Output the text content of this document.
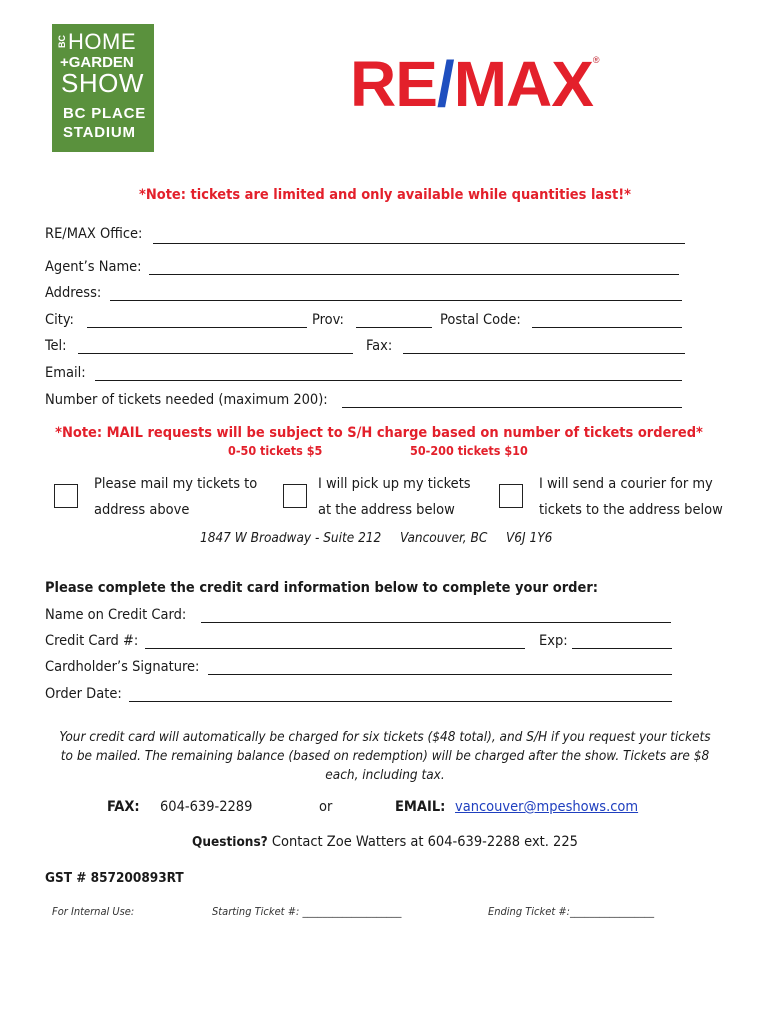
BC HOME
+GARDEN
SHOW
BC PLACE
STADIUM
RE/MAX®
*Note: tickets are limited and only available while quantities last!*
RE/MAX Office:
Agent’s Name:
Address:
City:	Prov:	Postal Code:
Tel:	Fax:
Email:
Number of tickets needed (maximum 200):
*Note: MAIL requests will be subject to S/H charge based on number of tickets ordered*
0-50 tickets $5	50-200 tickets $10
Please mail my tickets to
address above
I will pick up my tickets
at the address below
I will send a courier for my
tickets to the address below
1847 W Broadway - Suite 212 Vancouver, BC V6J 1Y6
Please complete the credit card information below to complete your order:
Name on Credit Card:
Credit Card #:	Exp:
Cardholder’s Signature:
Order Date:
Your credit card will automatically be charged for six tickets ($48 total), and S/H if you request your tickets
to be mailed. The remaining balance (based on redemption) will be charged after the show. Tickets are $8
each, including tax.
FAX: 604-639-2289	or	EMAIL: vancouver@mpeshows.com
Questions? Contact Zoe Watters at 604-639-2288 ext. 225
GST # 857200893RT
For Internal Use:	Starting Ticket #: ____________________	Ending Ticket #:_________________
